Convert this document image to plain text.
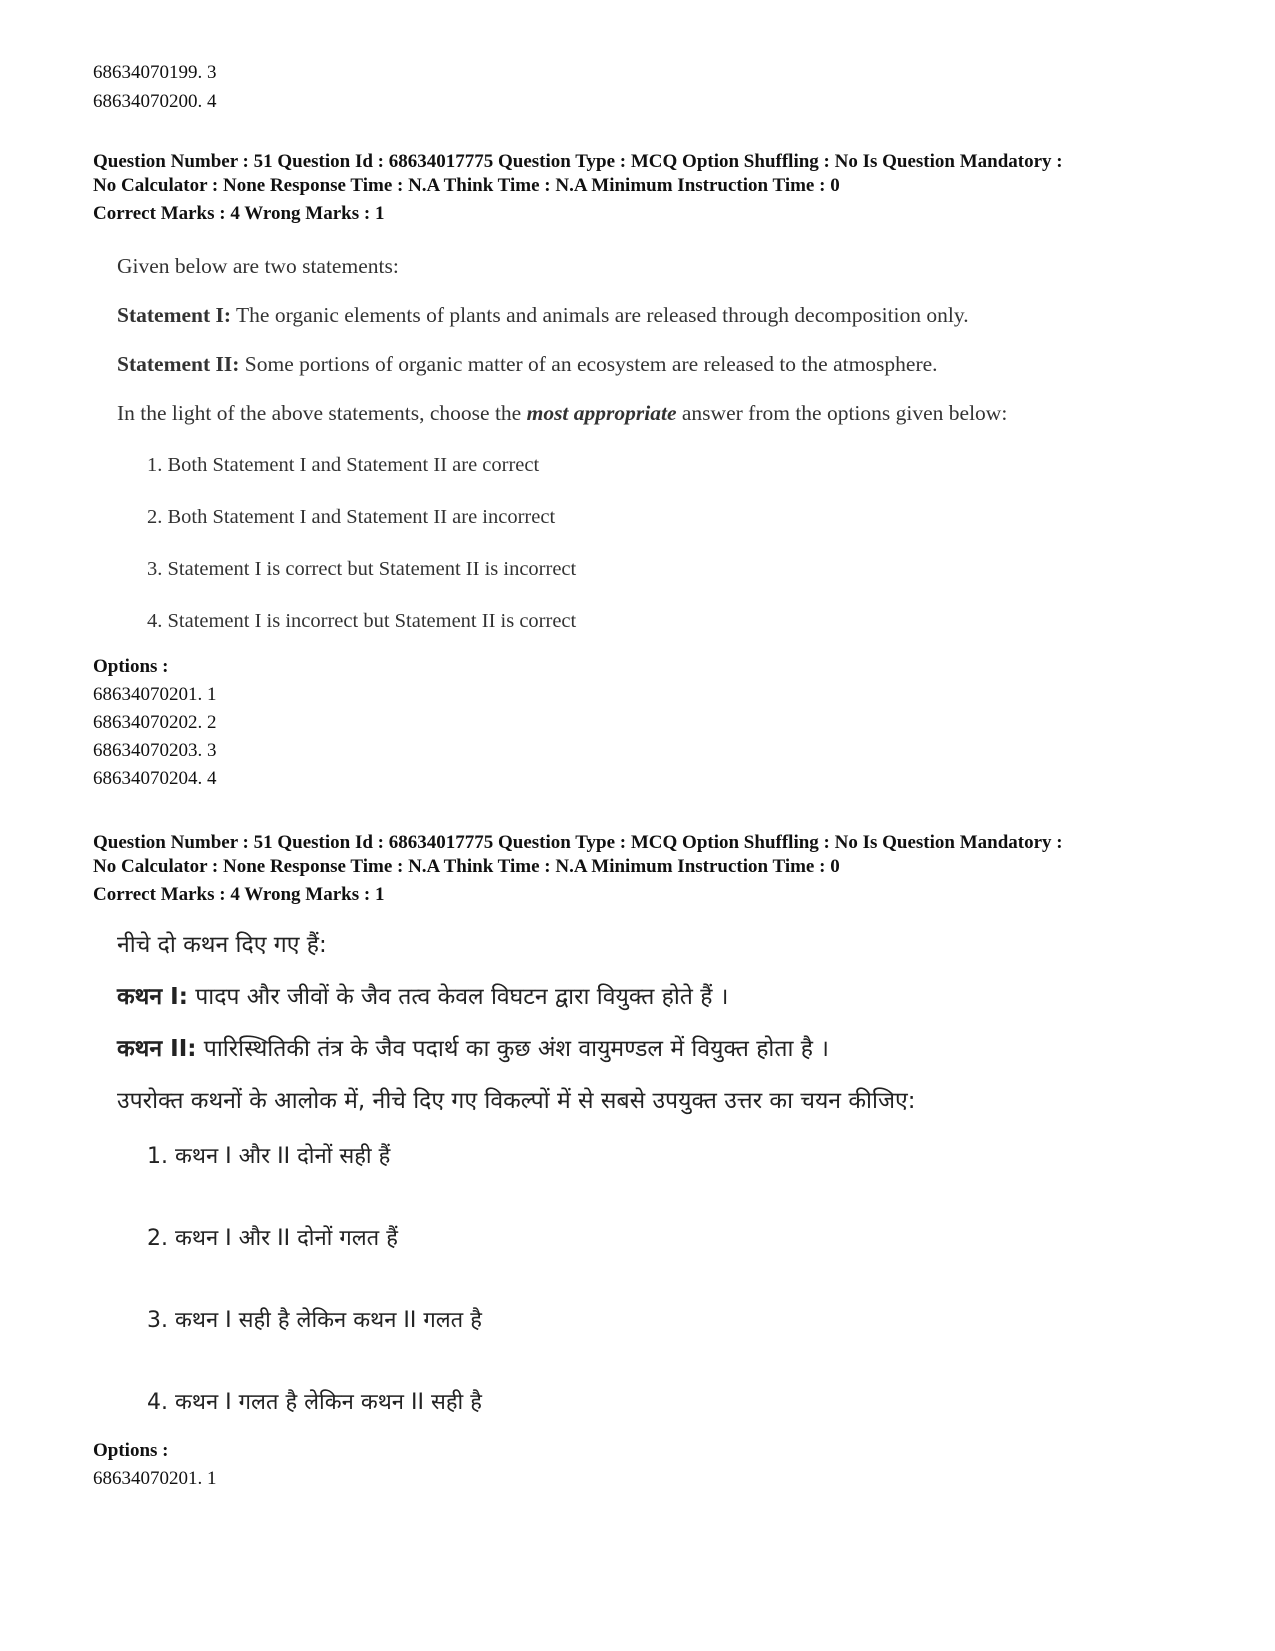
68634070199. 3
68634070200. 4
Question Number : 51 Question Id : 68634017775 Question Type : MCQ Option Shuffling : No Is Question Mandatory :
No Calculator : None Response Time : N.A Think Time : N.A Minimum Instruction Time : 0
Correct Marks : 4 Wrong Marks : 1

Given below are two statements:

Statement I: The organic elements of plants and animals are released through decomposition only.

Statement II: Some portions of organic matter of an ecosystem are released to the atmosphere.

In the light of the above statements, choose the most appropriate answer from the options given below:

1. Both Statement I and Statement II are correct

2. Both Statement I and Statement II are incorrect

3. Statement I is correct but Statement II is incorrect

4. Statement I is incorrect but Statement II is correct

Options :
68634070201. 1
68634070202. 2
68634070203. 3
68634070204. 4
Question Number : 51 Question Id : 68634017775 Question Type : MCQ Option Shuffling : No Is Question Mandatory :
No Calculator : None Response Time : N.A Think Time : N.A Minimum Instruction Time : 0
Correct Marks : 4 Wrong Marks : 1

नीचे दो कथन दिए गए हैं:

कथन I: पादप और जीवों के जैव तत्व केवल विघटन द्वारा वियुक्त होते हैं ।

कथन II: पारिस्थितिकी तंत्र के जैव पदार्थ का कुछ अंश वायुमण्डल में वियुक्त होता है ।

उपरोक्त कथनों के आलोक में, नीचे दिए गए विकल्पों में से सबसे उपयुक्त उत्तर का चयन कीजिए:

1. कथन I और II दोनों सही हैं

2. कथन I और II दोनों गलत हैं

3. कथन I सही है लेकिन कथन II गलत है

4. कथन I गलत है लेकिन कथन II सही है

Options :
68634070201. 1
